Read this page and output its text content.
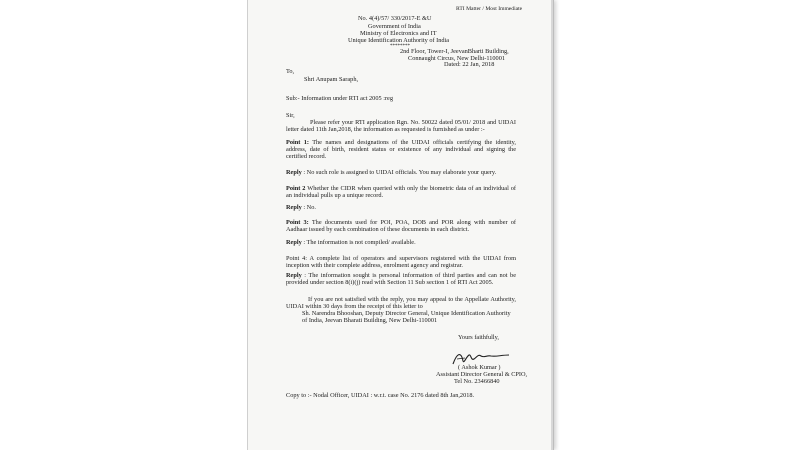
RTI Matter / Most Immediate
No. 4(4)/57/ 330/2017-E &U
Government of India
Ministry of Electronics and IT
Unique Identification Authority of India
********
2nd Floor, Tower-I, JeevanBharti Building,
Connaught Circus, New Delhi-110001
Dated: 22 Jan, 2018
To,
Shri Anupam Saraph,
Sub:- Information under RTI act 2005 :reg
Sir,
Please refer your RTI application Rgn. No. 50022 dated 05/01/ 2018 and UIDAI letter dated 11th Jan,2018, the information as requested is furnished as under :-
Point 1: The names and designations of the UIDAI officials certifying the identity, address, date of birth, resident status or existence of any individual and signing the certified record.
Reply : No such role is assigned to UIDAI officials. You may elaborate your query.
Point 2 Whether the CIDR when queried with only the biometric data of an individual of an individual pulls up a unique record.
Reply : No.
Point 3: The documents used for POI, POA, DOB and POR along with number of Aadhaar issued by each combination of these documents in each district.
Reply : The information is not compiled/ available.
Point 4: A complete list of operators and supervisors registered with the UIDAI from inception with their complete address, enrolment agency and registrar.
Reply : The information sought is personal information of third parties and can not be provided under section 8(i)(j) read with Section 11 Sub section 1 of RTI Act 2005.
If you are not satisfied with the reply, you may appeal to the Appellate Authority, UIDAI within 30 days from the receipt of this letter to
Sh. Narendra Bhooshan, Deputy Director General, Unique Identification Authority of India, Jeevan Bharati Building, New Delhi-110001
Yours faithfully,
( Ashok Kumar )
Assistant Director General & CPIO,
Tel No. 23466840
Copy to :- Nodal Officer, UIDAI : w.r.t. case No. 2176 dated 8th Jan,2018.
